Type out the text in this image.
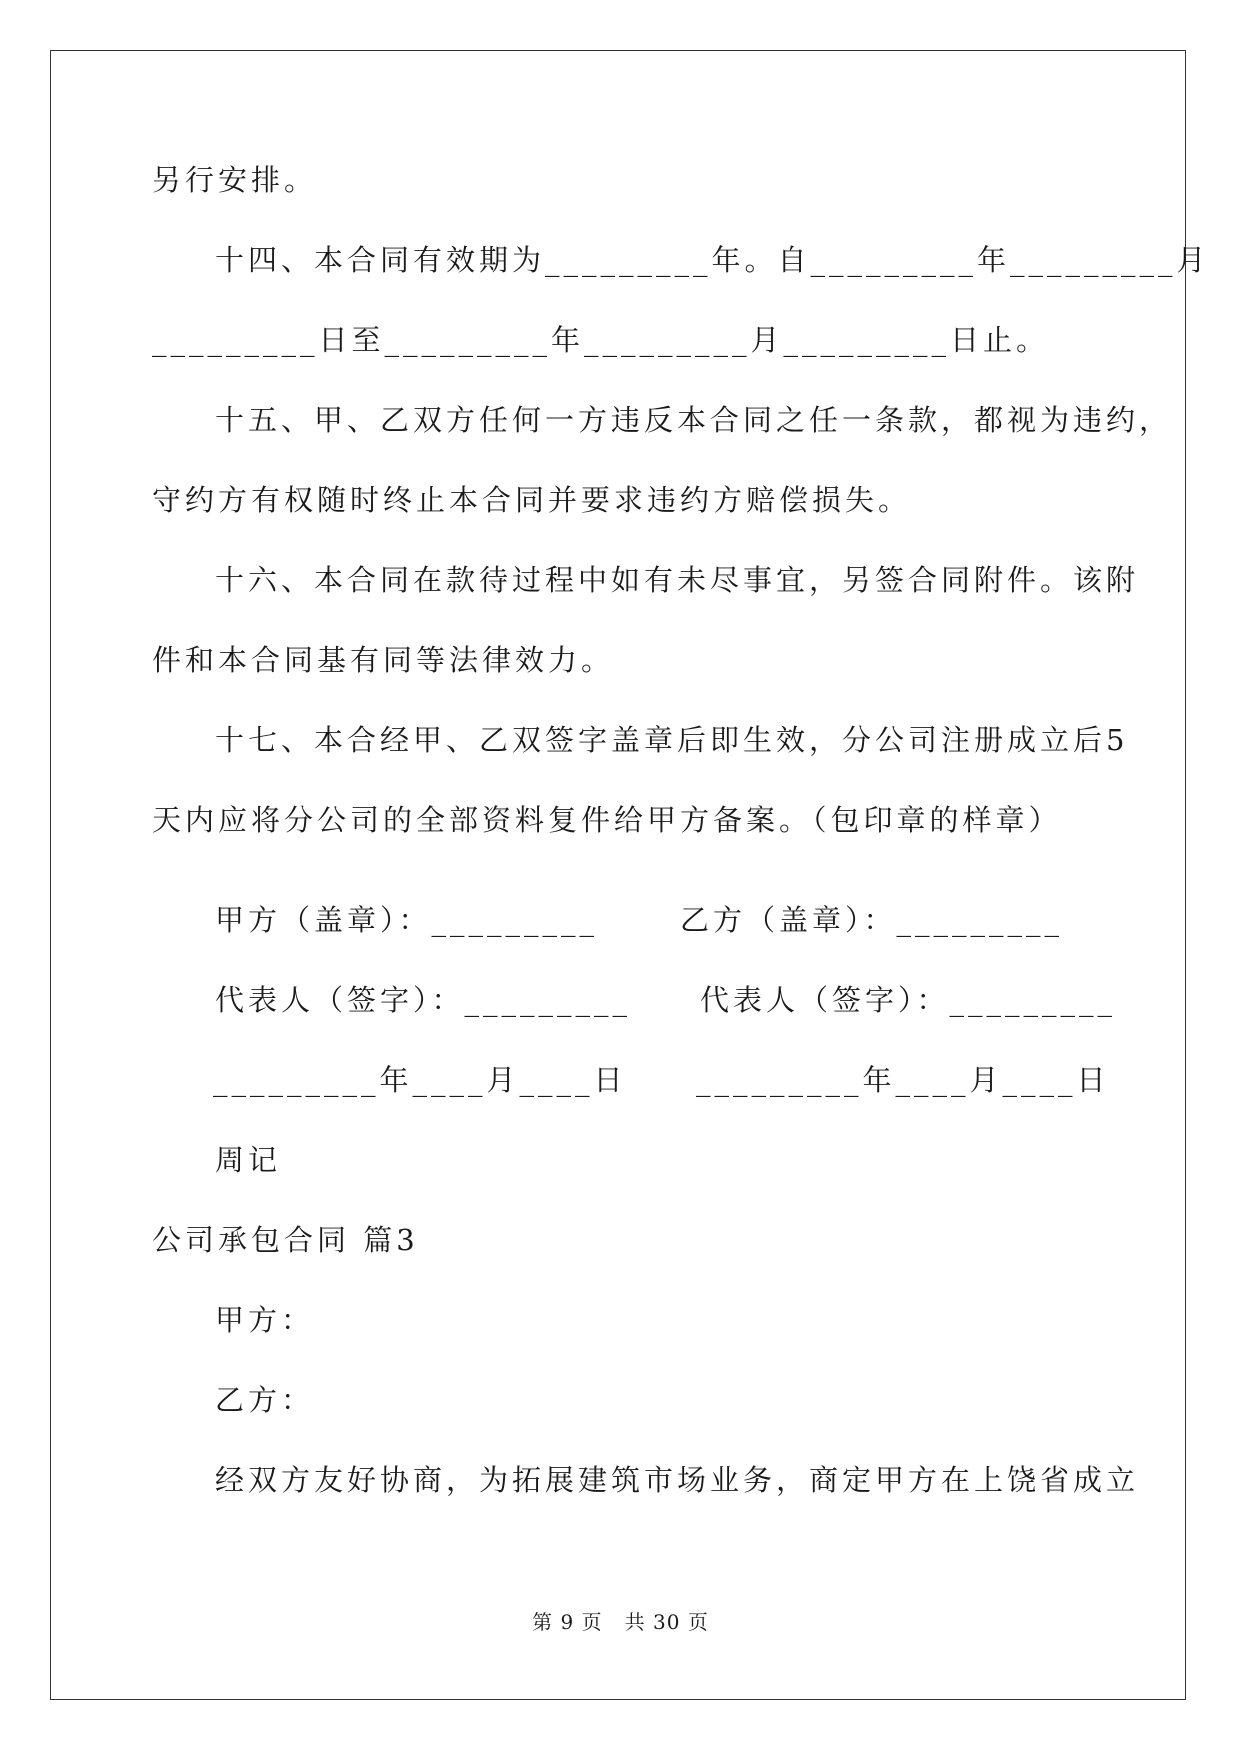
另行安排。
十四、本合同有效期为_________年。自_________年_________月
_________日至_________年_________月_________日止。
十五、甲、乙双方任何一方违反本合同之任一条款，都视为违约，
守约方有权随时终止本合同并要求违约方赔偿损失。
十六、本合同在款待过程中如有未尽事宜，另签合同附件。该附
件和本合同基有同等法律效力。
十七、本合经甲、乙双签字盖章后即生效，分公司注册成立后5
天内应将分公司的全部资料复件给甲方备案。（包印章的样章）
甲方（盖章）：_________	乙方（盖章）：_________
代表人（签字）：_________ 代表人（签字）：_________
_________年____月____日 _________年____月____日
周记
公司承包合同 篇3
甲方：
乙方：
经双方友好协商，为拓展建筑市场业务，商定甲方在上饶省成立
第 9 页   共 30 页
